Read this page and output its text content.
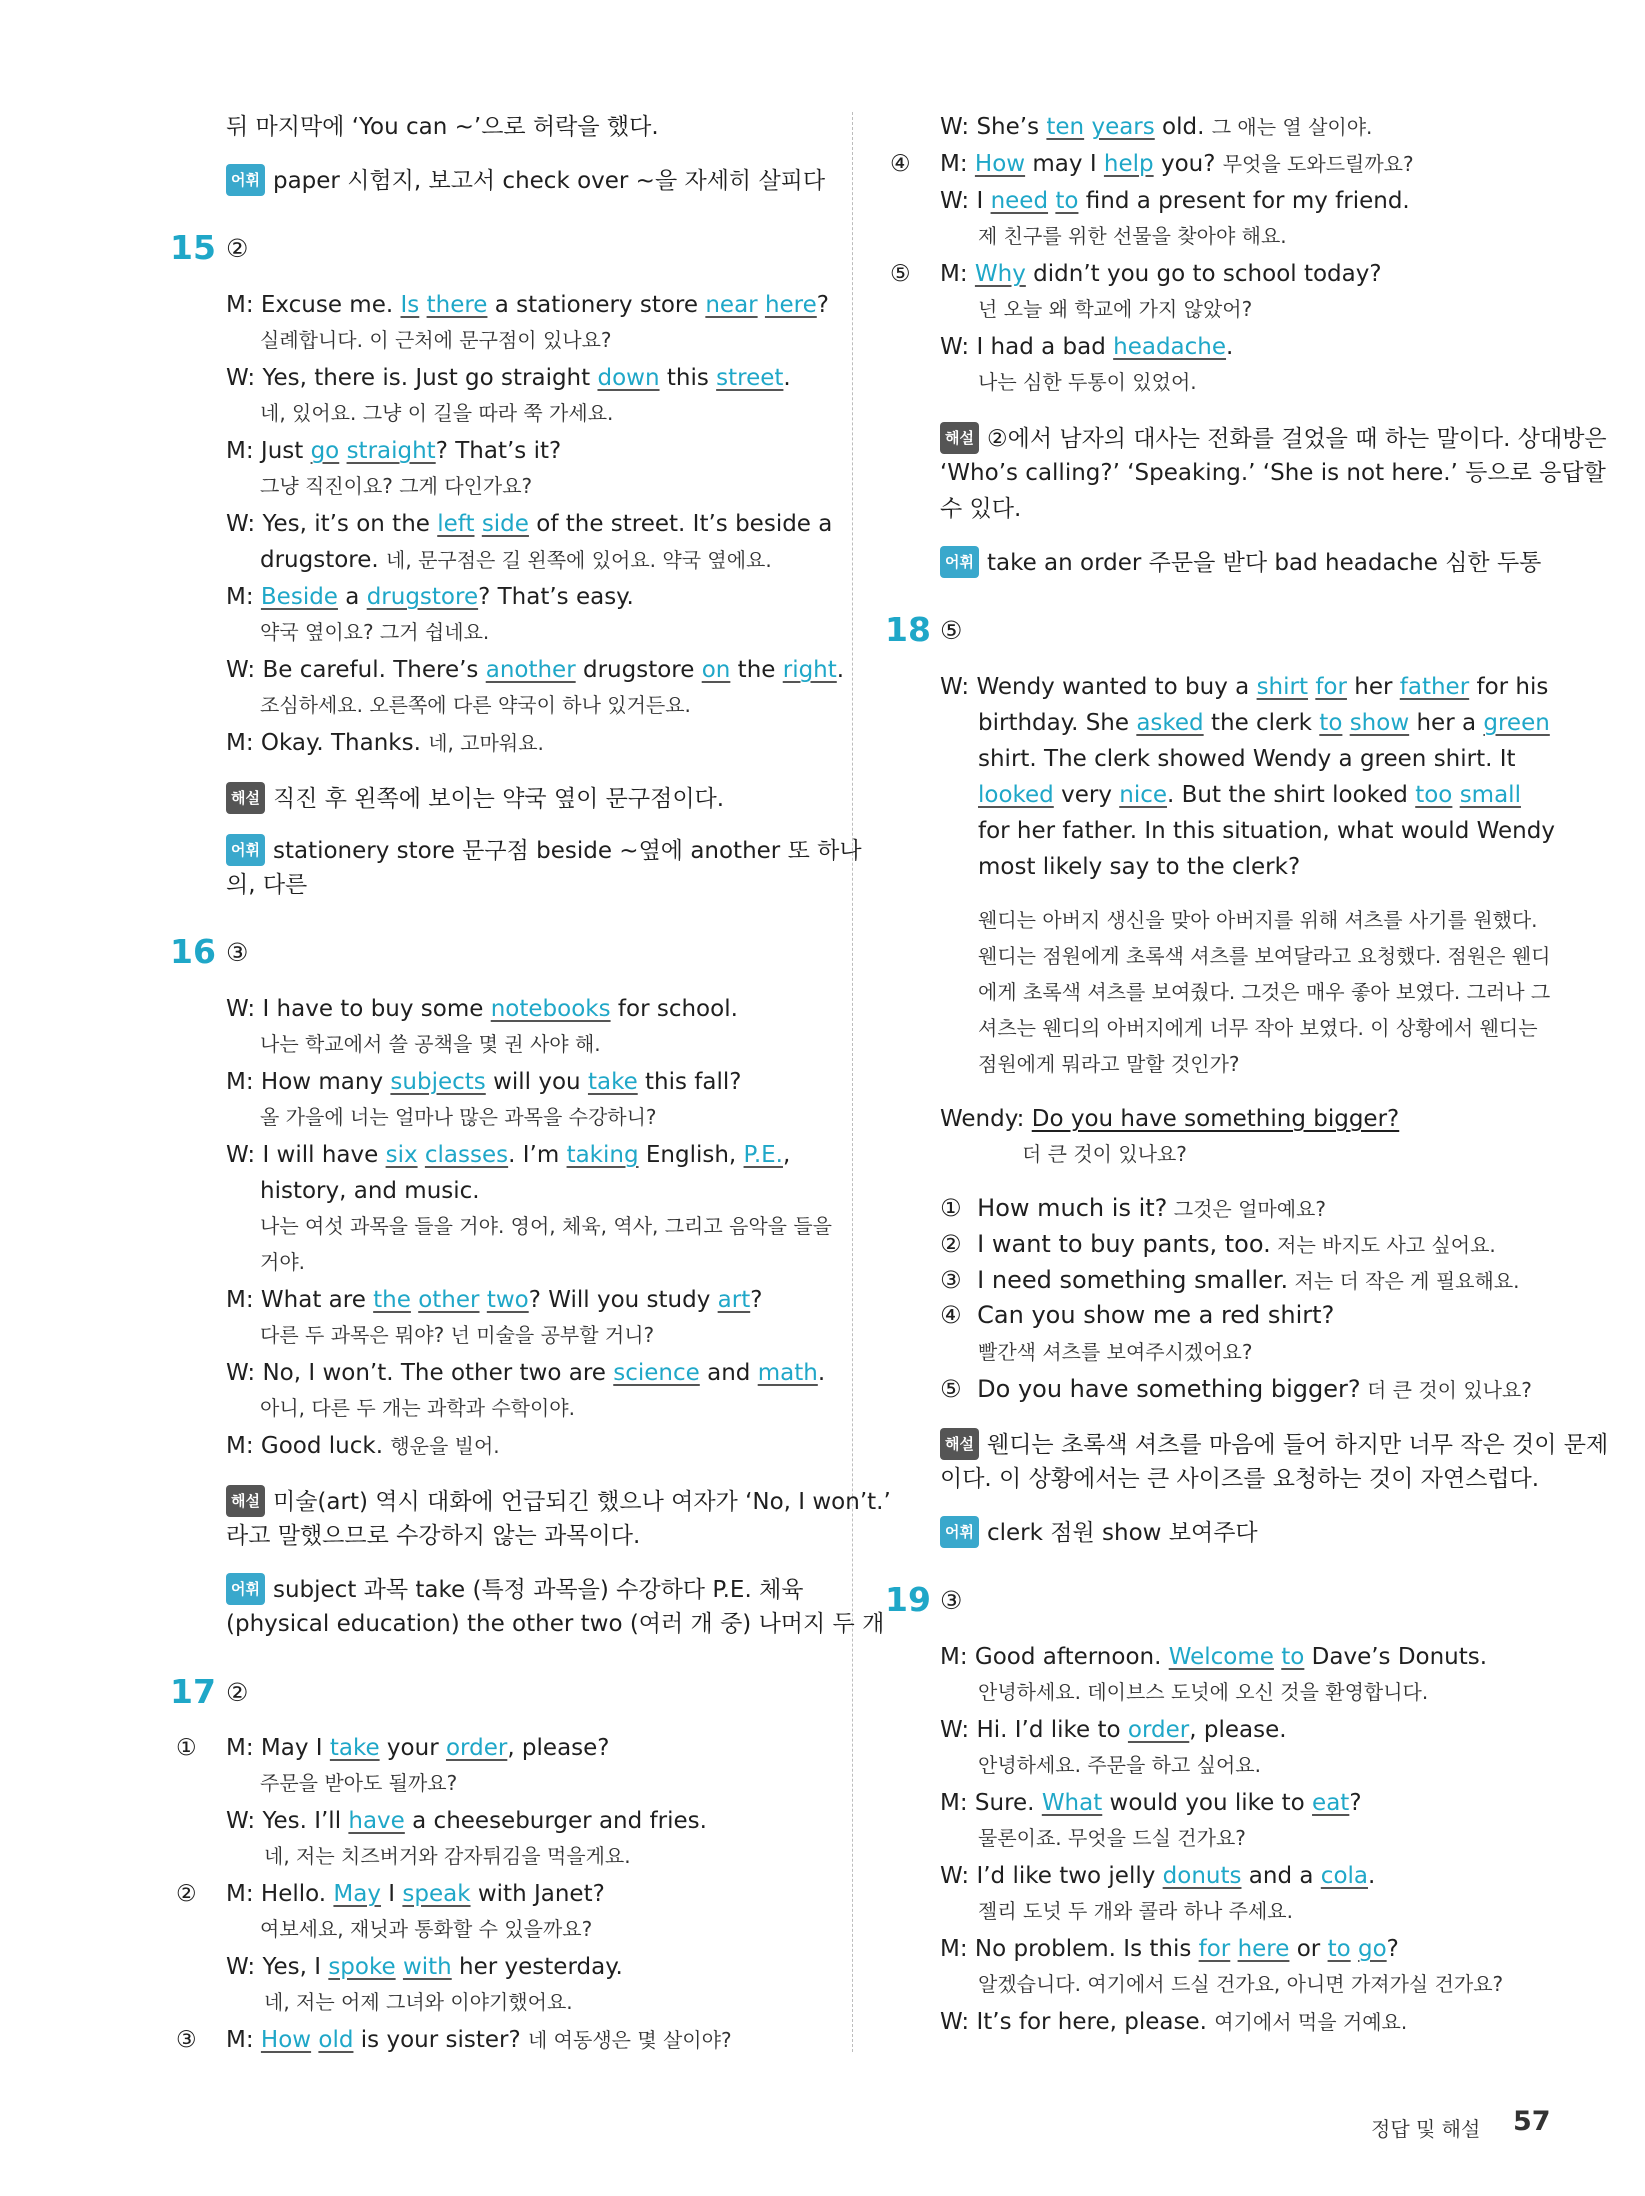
뒤 마지막에 ‘You can ~’으로 허락을 했다.
어휘 paper 시험지, 보고서 check over ~을 자세히 살피다
15 ②
M: Excuse me. Is there a stationery store near here?
실례합니다. 이 근처에 문구점이 있나요?
W: Yes, there is. Just go straight down this street.
네, 있어요. 그냥 이 길을 따라 쭉 가세요.
M: Just go straight? That’s it?
그냥 직진이요? 그게 다인가요?
W: Yes, it’s on the left side of the street. It’s beside a
drugstore. 네, 문구점은 길 왼쪽에 있어요. 약국 옆에요.
M: Beside a drugstore? That’s easy.
약국 옆이요? 그거 쉽네요.
W: Be careful. There’s another drugstore on the right.
조심하세요. 오른쪽에 다른 약국이 하나 있거든요.
M: Okay. Thanks. 네, 고마워요.
해설 직진 후 왼쪽에 보이는 약국 옆이 문구점이다.
어휘 stationery store 문구점 beside ~옆에 another 또 하나
의, 다른
16 ③
W: I have to buy some notebooks for school.
나는 학교에서 쓸 공책을 몇 권 사야 해.
M: How many subjects will you take this fall?
올 가을에 너는 얼마나 많은 과목을 수강하니?
W: I will have six classes. I’m taking English, P.E.,
history, and music.
나는 여섯 과목을 들을 거야. 영어, 체육, 역사, 그리고 음악을 들을
거야.
M: What are the other two? Will you study art?
다른 두 과목은 뭐야? 넌 미술을 공부할 거니?
W: No, I won’t. The other two are science and math.
아니, 다른 두 개는 과학과 수학이야.
M: Good luck. 행운을 빌어.
해설 미술(art) 역시 대화에 언급되긴 했으나 여자가 ‘No, I won’t.’
라고 말했으므로 수강하지 않는 과목이다.
어휘 subject 과목 take (특정 과목을) 수강하다 P.E. 체육
(physical education) the other two (여러 개 중) 나머지 두 개
17 ②
① M: May I take your order, please?
주문을 받아도 될까요?
W: Yes. I’ll have a cheeseburger and fries.
네, 저는 치즈버거와 감자튀김을 먹을게요.
② M: Hello. May I speak with Janet?
여보세요, 재닛과 통화할 수 있을까요?
W: Yes, I spoke with her yesterday.
네, 저는 어제 그녀와 이야기했어요.
③ M: How old is your sister? 네 여동생은 몇 살이야?
W: She’s ten years old. 그 애는 열 살이야.
④ M: How may I help you? 무엇을 도와드릴까요?
W: I need to find a present for my friend.
제 친구를 위한 선물을 찾아야 해요.
⑤ M: Why didn’t you go to school today?
넌 오늘 왜 학교에 가지 않았어?
W: I had a bad headache.
나는 심한 두통이 있었어.
해설 ②에서 남자의 대사는 전화를 걸었을 때 하는 말이다. 상대방은
‘Who’s calling?’ ‘Speaking.’ ‘She is not here.’ 등으로 응답할
수 있다.
어휘 take an order 주문을 받다 bad headache 심한 두통
18 ⑤
W: Wendy wanted to buy a shirt for her father for his
birthday. She asked the clerk to show her a green
shirt. The clerk showed Wendy a green shirt. It
looked very nice. But the shirt looked too small
for her father. In this situation, what would Wendy
most likely say to the clerk?
웬디는 아버지 생신을 맞아 아버지를 위해 셔츠를 사기를 원했다.
웬디는 점원에게 초록색 셔츠를 보여달라고 요청했다. 점원은 웬디
에게 초록색 셔츠를 보여줬다. 그것은 매우 좋아 보였다. 그러나 그
셔츠는 웬디의 아버지에게 너무 작아 보였다. 이 상황에서 웬디는
점원에게 뭐라고 말할 것인가?
Wendy: Do you have something bigger?
더 큰 것이 있나요?
① How much is it? 그것은 얼마예요?
② I want to buy pants, too. 저는 바지도 사고 싶어요.
③ I need something smaller. 저는 더 작은 게 필요해요.
④ Can you show me a red shirt?
빨간색 셔츠를 보여주시겠어요?
⑤ Do you have something bigger? 더 큰 것이 있나요?
해설 웬디는 초록색 셔츠를 마음에 들어 하지만 너무 작은 것이 문제
이다. 이 상황에서는 큰 사이즈를 요청하는 것이 자연스럽다.
어휘 clerk 점원 show 보여주다
19 ③
M: Good afternoon. Welcome to Dave’s Donuts.
안녕하세요. 데이브스 도넛에 오신 것을 환영합니다.
W: Hi. I’d like to order, please.
안녕하세요. 주문을 하고 싶어요.
M: Sure. What would you like to eat?
물론이죠. 무엇을 드실 건가요?
W: I’d like two jelly donuts and a cola.
젤리 도넛 두 개와 콜라 하나 주세요.
M: No problem. Is this for here or to go?
알겠습니다. 여기에서 드실 건가요, 아니면 가져가실 건가요?
W: It’s for here, please. 여기에서 먹을 거예요.
정답 및 해설 57
